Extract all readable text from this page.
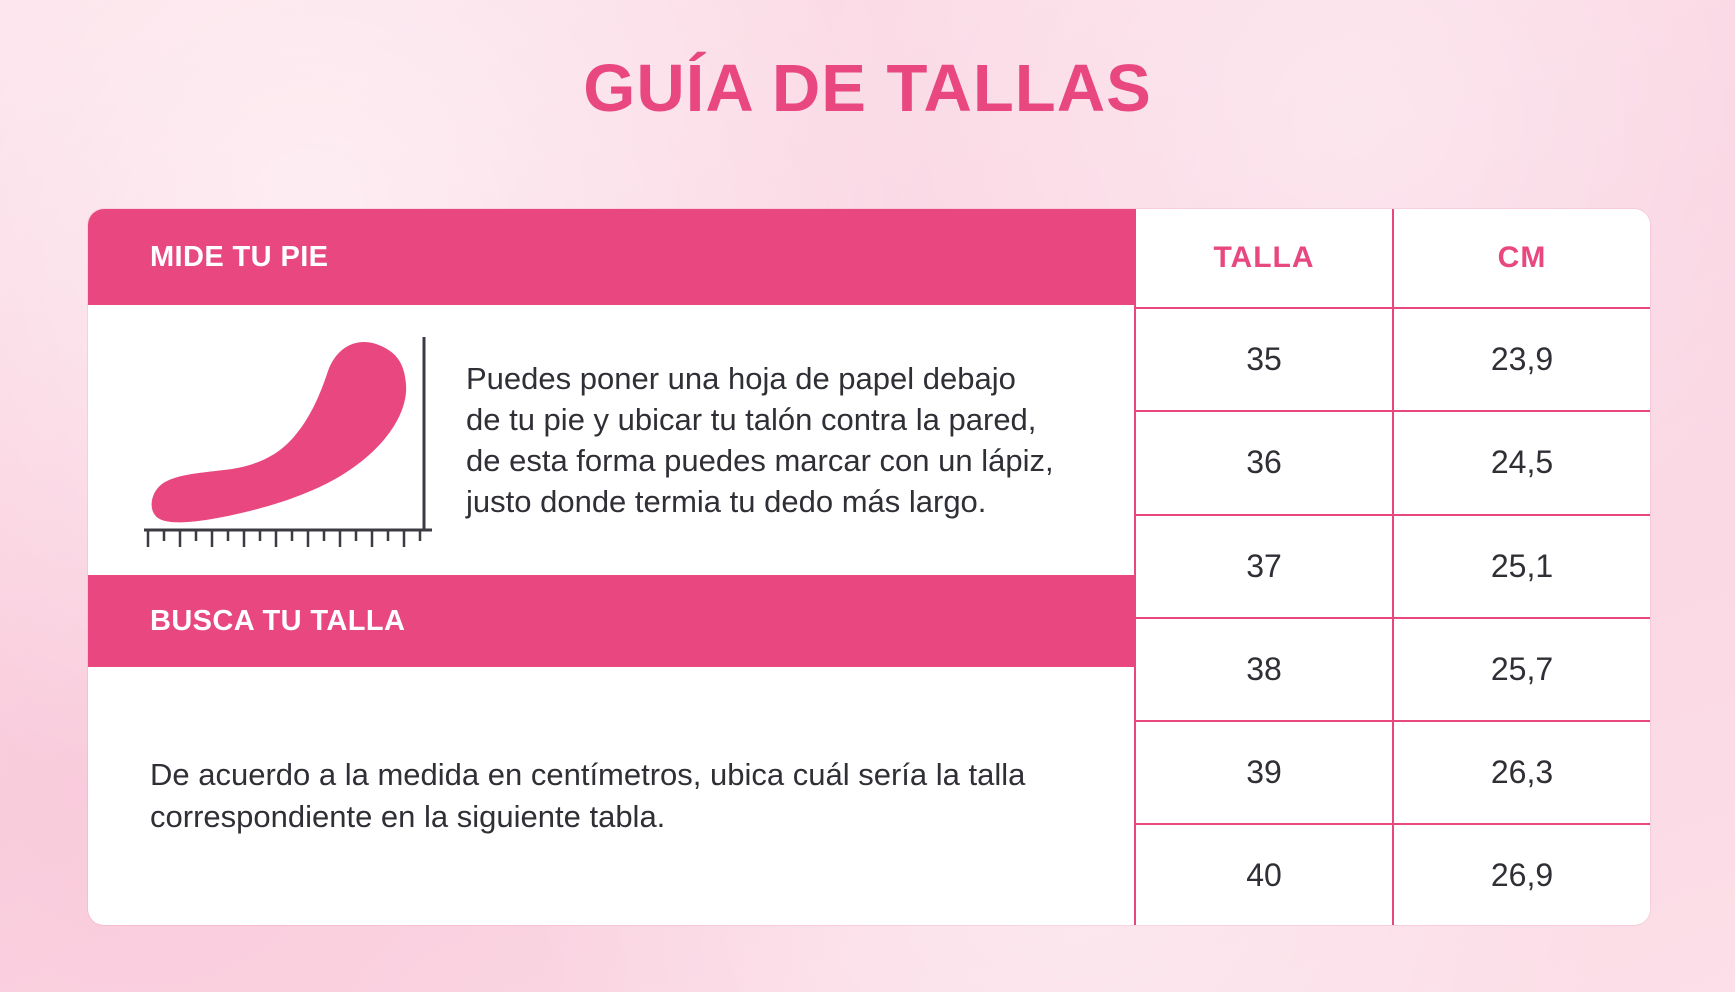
GUÍA DE TALLAS
MIDE TU PIE
Puedes poner una hoja de papel debajo de tu pie y ubicar tu talón contra la pared, de esta forma puedes marcar con un lápiz, justo donde termia tu dedo más largo.
BUSCA TU TALLA
De acuerdo a la medida en centímetros, ubica cuál sería la talla correspondiente en la siguiente tabla.
TALLA	CM
35	23,9
36	24,5
37	25,1
38	25,7
39	26,3
40	26,9
